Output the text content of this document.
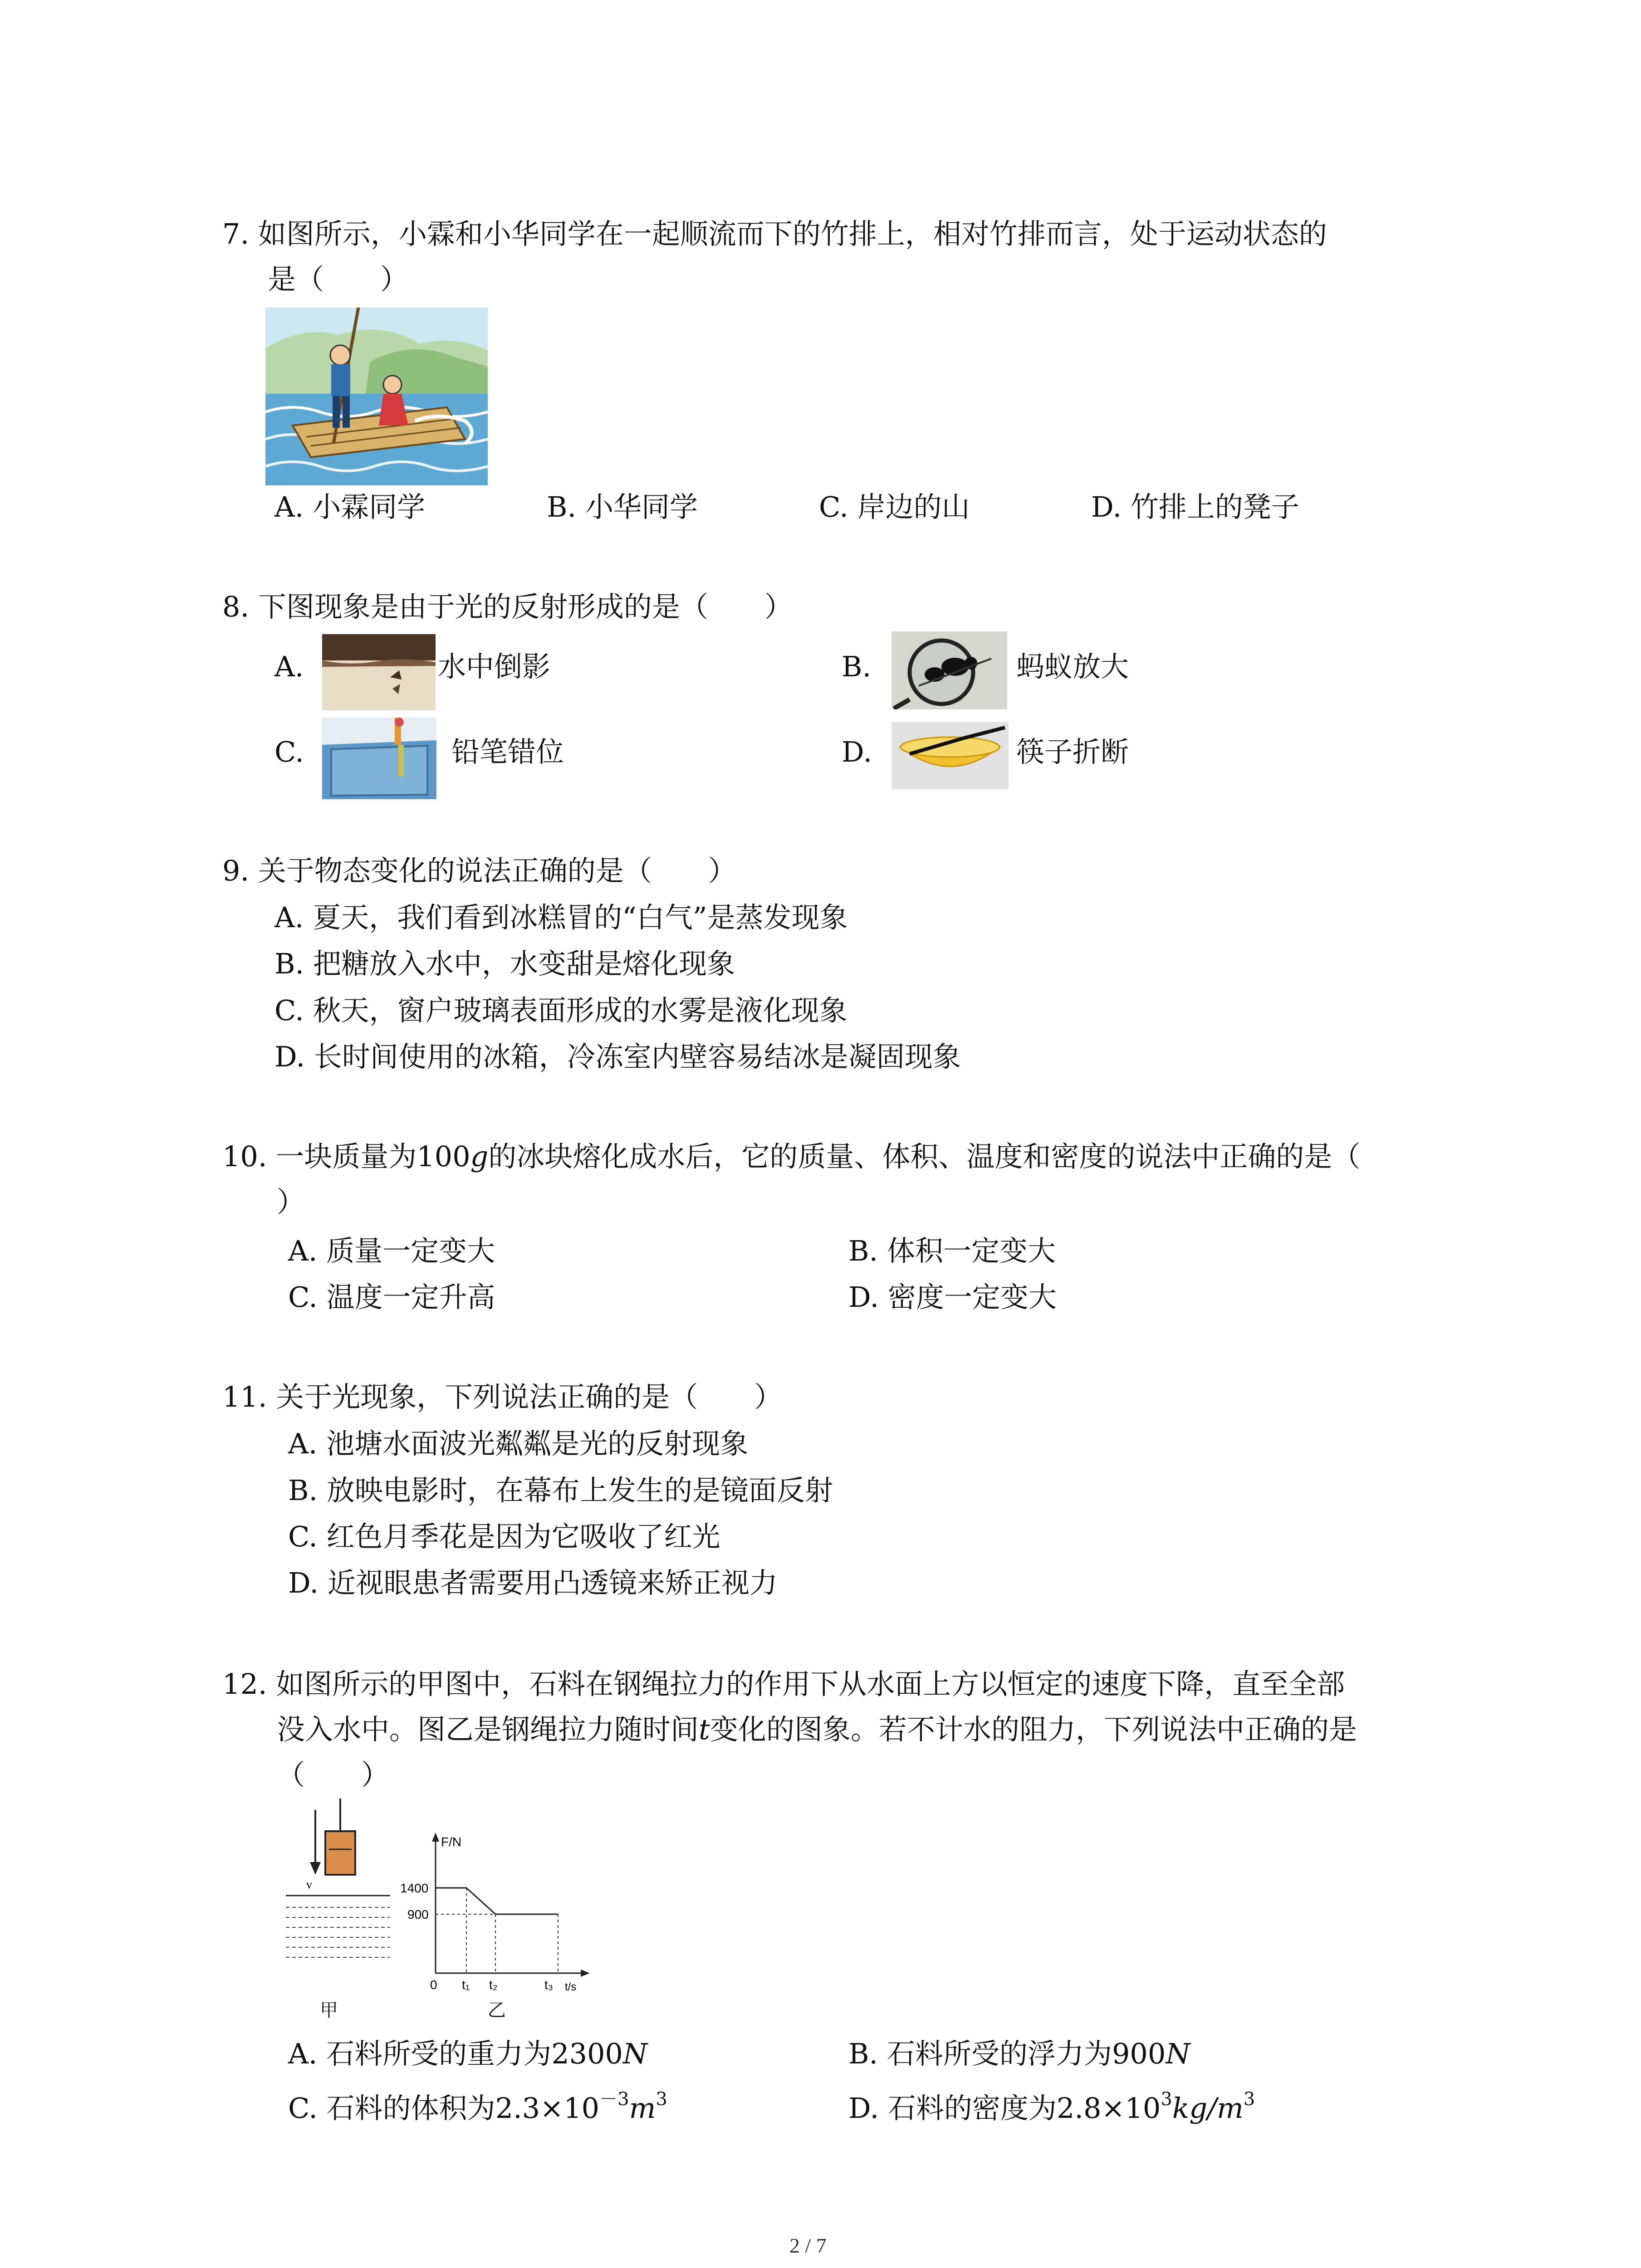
7. 如图所示，小霖和小华同学在一起顺流而下的竹排上，相对竹排而言，处于运动状态的
是（　　）
A. 小霖同学	B. 小华同学	C. 岸边的山	D. 竹排上的凳子
8. 下图现象是由于光的反射形成的是（　　）
A.	水中倒影	B.	蚂蚁放大
C.	铅笔错位	D.	筷子折断
9. 关于物态变化的说法正确的是（　　）
A. 夏天，我们看到冰糕冒的“白气”是蒸发现象
B. 把糖放入水中，水变甜是熔化现象
C. 秋天，窗户玻璃表面形成的水雾是液化现象
D. 长时间使用的冰箱，冷冻室内壁容易结冰是凝固现象
10. 一块质量为100g的冰块熔化成水后，它的质量、体积、温度和密度的说法中正确的是（
）
A. 质量一定变大	B. 体积一定变大
C. 温度一定升高	D. 密度一定变大
11. 关于光现象，下列说法正确的是（　　）
A. 池塘水面波光粼粼是光的反射现象
B. 放映电影时，在幕布上发生的是镜面反射
C. 红色月季花是因为它吸收了红光
D. 近视眼患者需要用凸透镜来矫正视力
12. 如图所示的甲图中，石料在钢绳拉力的作用下从水面上方以恒定的速度下降，直至全部
没入水中。图乙是钢绳拉力随时间t变化的图象。若不计水的阻力，下列说法中正确的是
（　　）
v
甲
F/N
t/s
1400
900
0 t₁ t₂	t₃
乙
A. 石料所受的重力为2300N	B. 石料所受的浮力为900N
C. 石料的体积为$2.3\times 10^{-3}m^3$	D. 石料的密度为$2.8\times 10^3kg/m^3$
2 / 7
